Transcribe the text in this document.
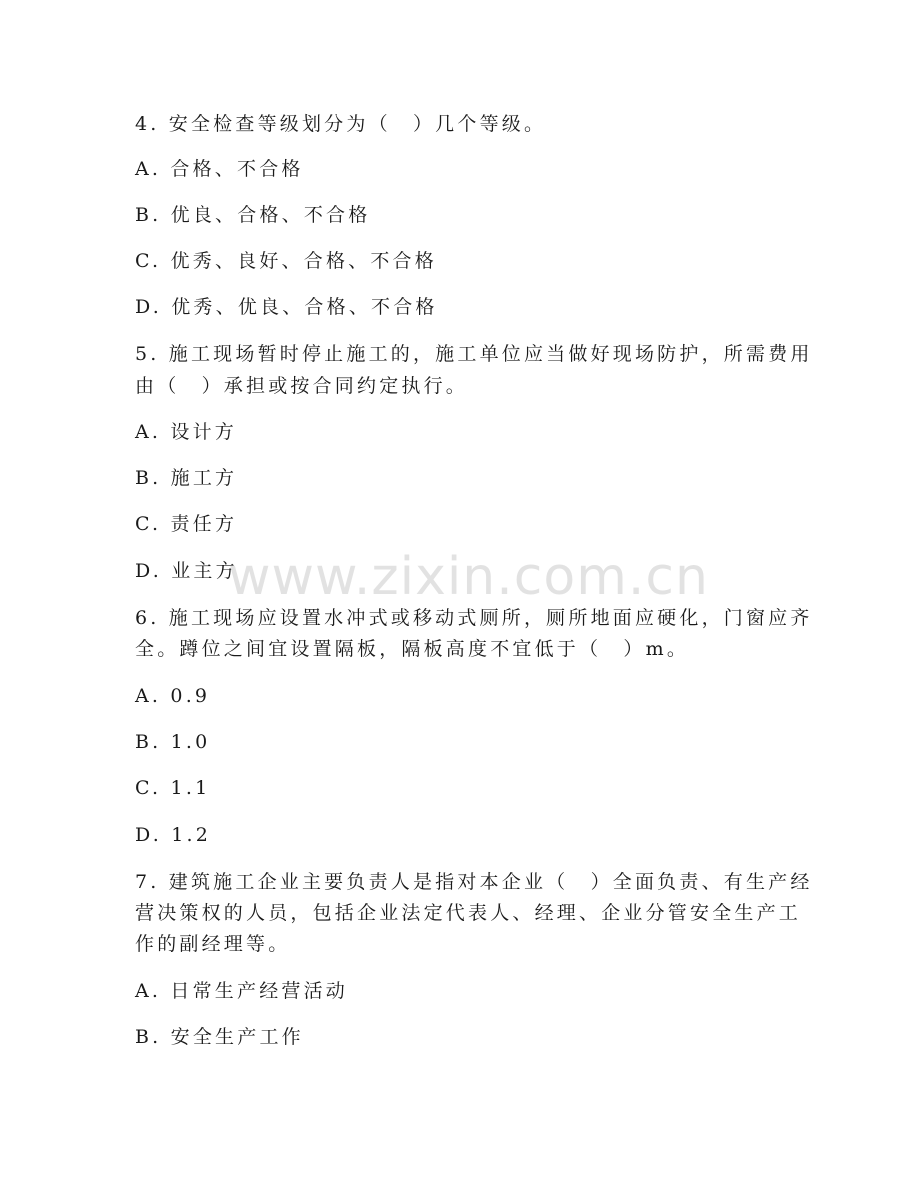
4. 安全检查等级划分为（　）几个等级。
A. 合格、不合格
B. 优良、合格、不合格
C. 优秀、良好、合格、不合格
D. 优秀、优良、合格、不合格
5. 施工现场暂时停止施工的，施工单位应当做好现场防护，所需费用
由（　）承担或按合同约定执行。
A. 设计方
B. 施工方
C. 责任方
D. 业主方
6. 施工现场应设置水冲式或移动式厕所，厕所地面应硬化，门窗应齐
全。蹲位之间宜设置隔板，隔板高度不宜低于（　）m。
A. 0.9
B. 1.0
C. 1.1
D. 1.2
7. 建筑施工企业主要负责人是指对本企业（　）全面负责、有生产经
营决策权的人员，包括企业法定代表人、经理、企业分管安全生产工
作的副经理等。
A. 日常生产经营活动
B. 安全生产工作
www.zixin.com.cn
